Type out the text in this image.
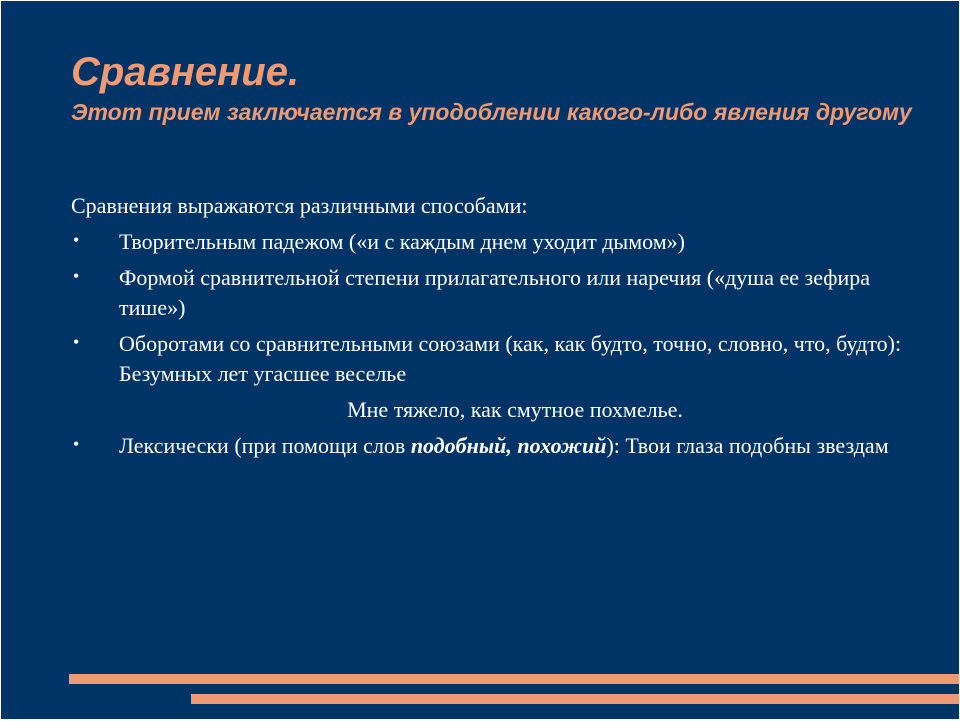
Сравнение.

Этот прием заключается в уподоблении какого-либо явления другому

Сравнения выражаются различными способами:

• Творительным падежом («и с каждым днем уходит дымом»)
• Формой сравнительной степени прилагательного или наречия («душа ее зефира тише»)
• Оборотами со сравнительными союзами (как, как будто, точно, словно, что, будто): Безумных лет угасшее веселье
Мне тяжело, как смутное похмелье.
• Лексически (при помощи слов подобный, похожий): Твои глаза подобны звездам
